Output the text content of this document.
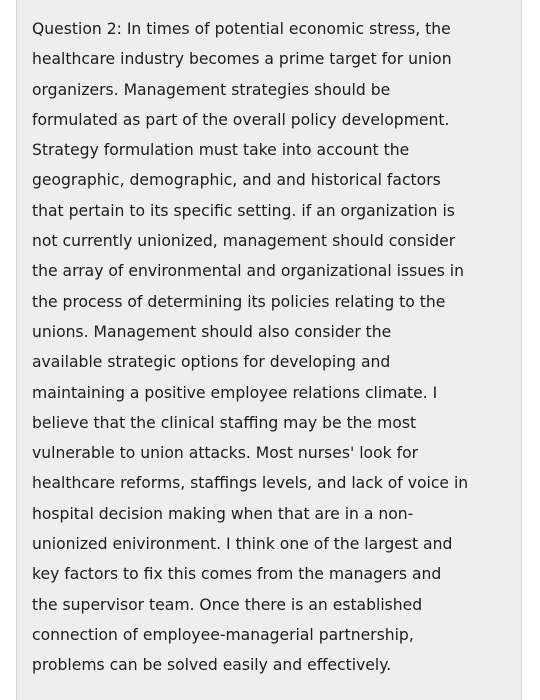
Question 2: In times of potential economic stress, the
healthcare industry becomes a prime target for union
organizers. Management strategies should be
formulated as part of the overall policy development.
Strategy formulation must take into account the
geographic, demographic, and and historical factors
that pertain to its specific setting. if an organization is
not currently unionized, management should consider
the array of environmental and organizational issues in
the process of determining its policies relating to the
unions. Management should also consider the
available strategic options for developing and
maintaining a positive employee relations climate. I
believe that the clinical staffing may be the most
vulnerable to union attacks. Most nurses' look for
healthcare reforms, staffings levels, and lack of voice in
hospital decision making when that are in a non-
unionized enivironment. I think one of the largest and
key factors to fix this comes from the managers and
the supervisor team. Once there is an established
connection of employee-managerial partnership,
problems can be solved easily and effectively.
